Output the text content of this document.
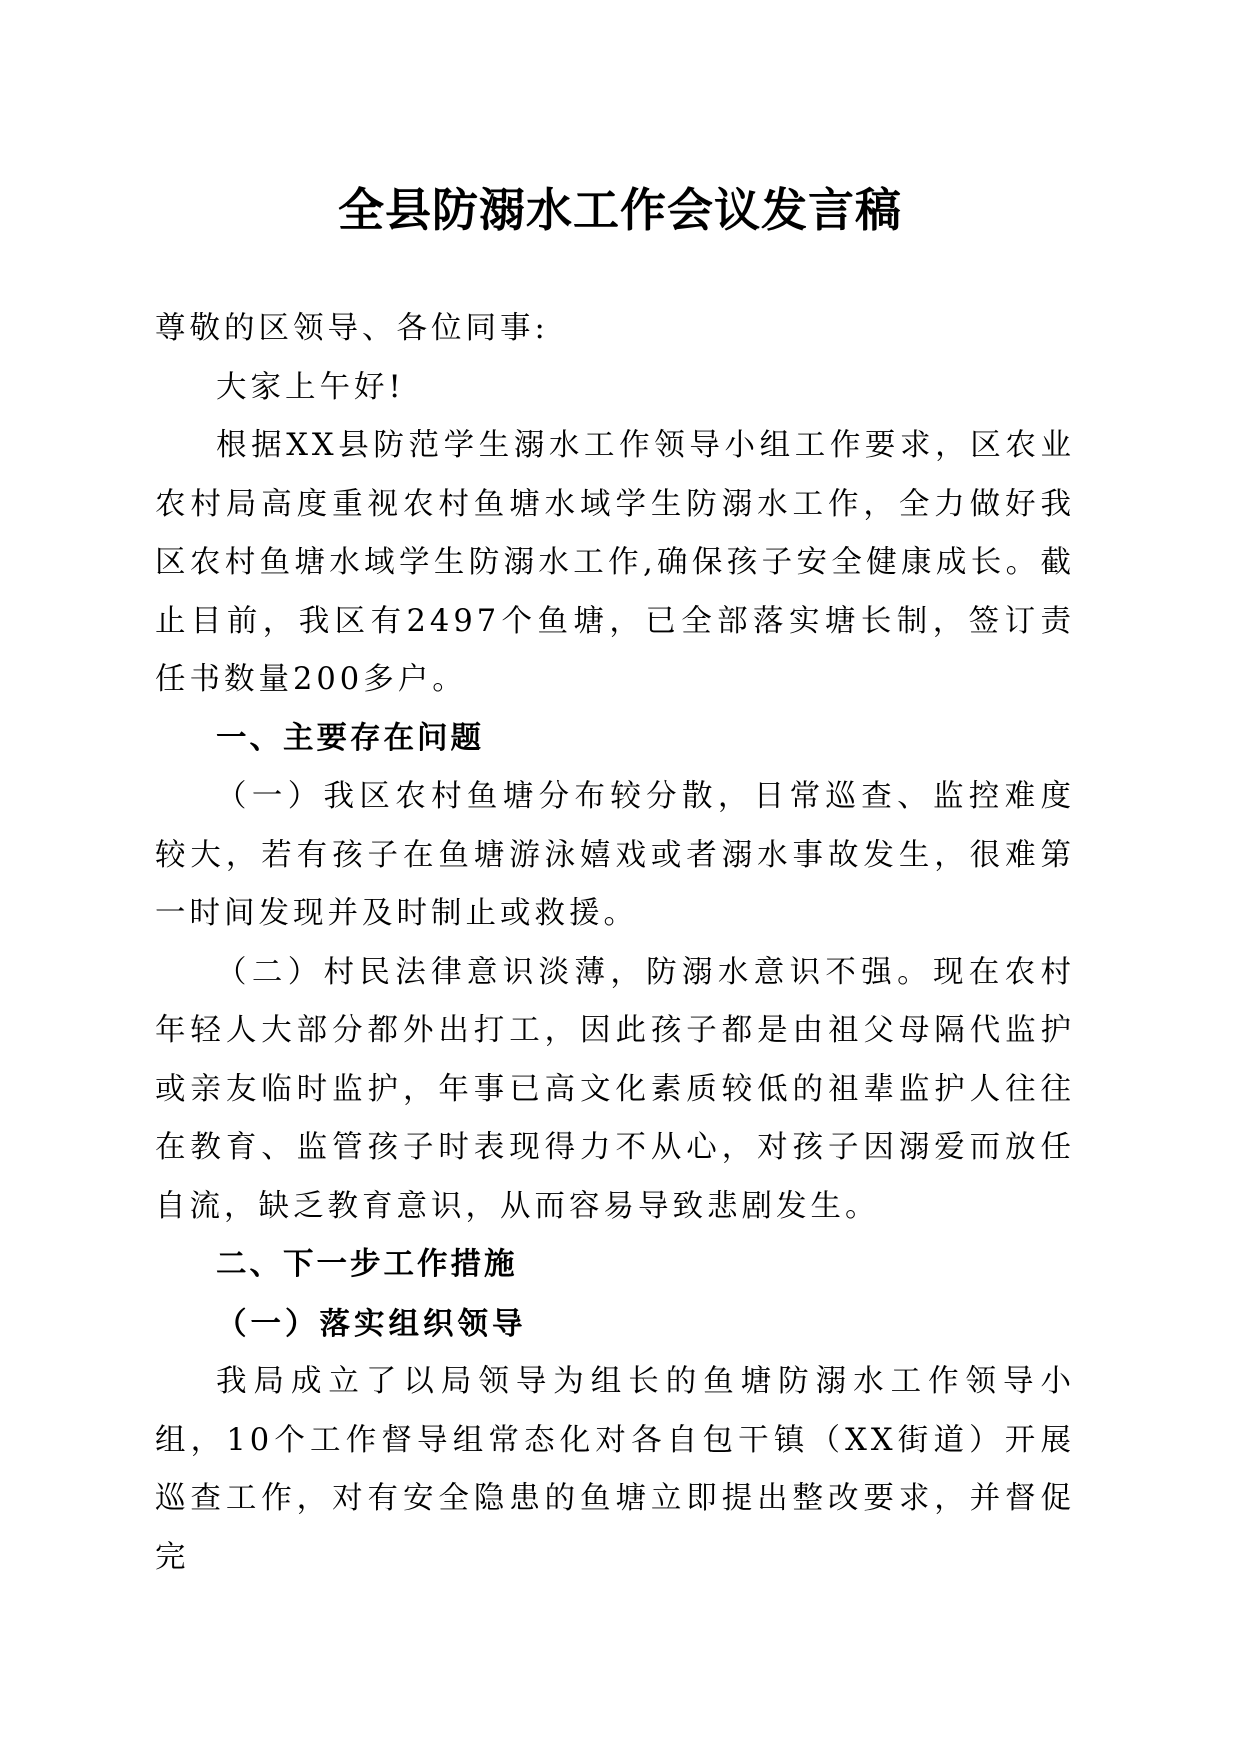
全县防溺水工作会议发言稿

尊敬的区领导、各位同事:

大家上午好!

根据XX县防范学生溺水工作领导小组工作要求，区农业农村局高度重视农村鱼塘水域学生防溺水工作，全力做好我区农村鱼塘水域学生防溺水工作,确保孩子安全健康成长。截止目前，我区有2497个鱼塘，已全部落实塘长制，签订责任书数量200多户。

一、主要存在问题

（一）我区农村鱼塘分布较分散，日常巡查、监控难度较大，若有孩子在鱼塘游泳嬉戏或者溺水事故发生，很难第一时间发现并及时制止或救援。

（二）村民法律意识淡薄，防溺水意识不强。现在农村年轻人大部分都外出打工，因此孩子都是由祖父母隔代监护或亲友临时监护，年事已高文化素质较低的祖辈监护人往往在教育、监管孩子时表现得力不从心，对孩子因溺爱而放任自流，缺乏教育意识，从而容易导致悲剧发生。

二、下一步工作措施

（一）落实组织领导

我局成立了以局领导为组长的鱼塘防溺水工作领导小组，10个工作督导组常态化对各自包干镇（XX街道）开展巡查工作，对有安全隐患的鱼塘立即提出整改要求，并督促完
